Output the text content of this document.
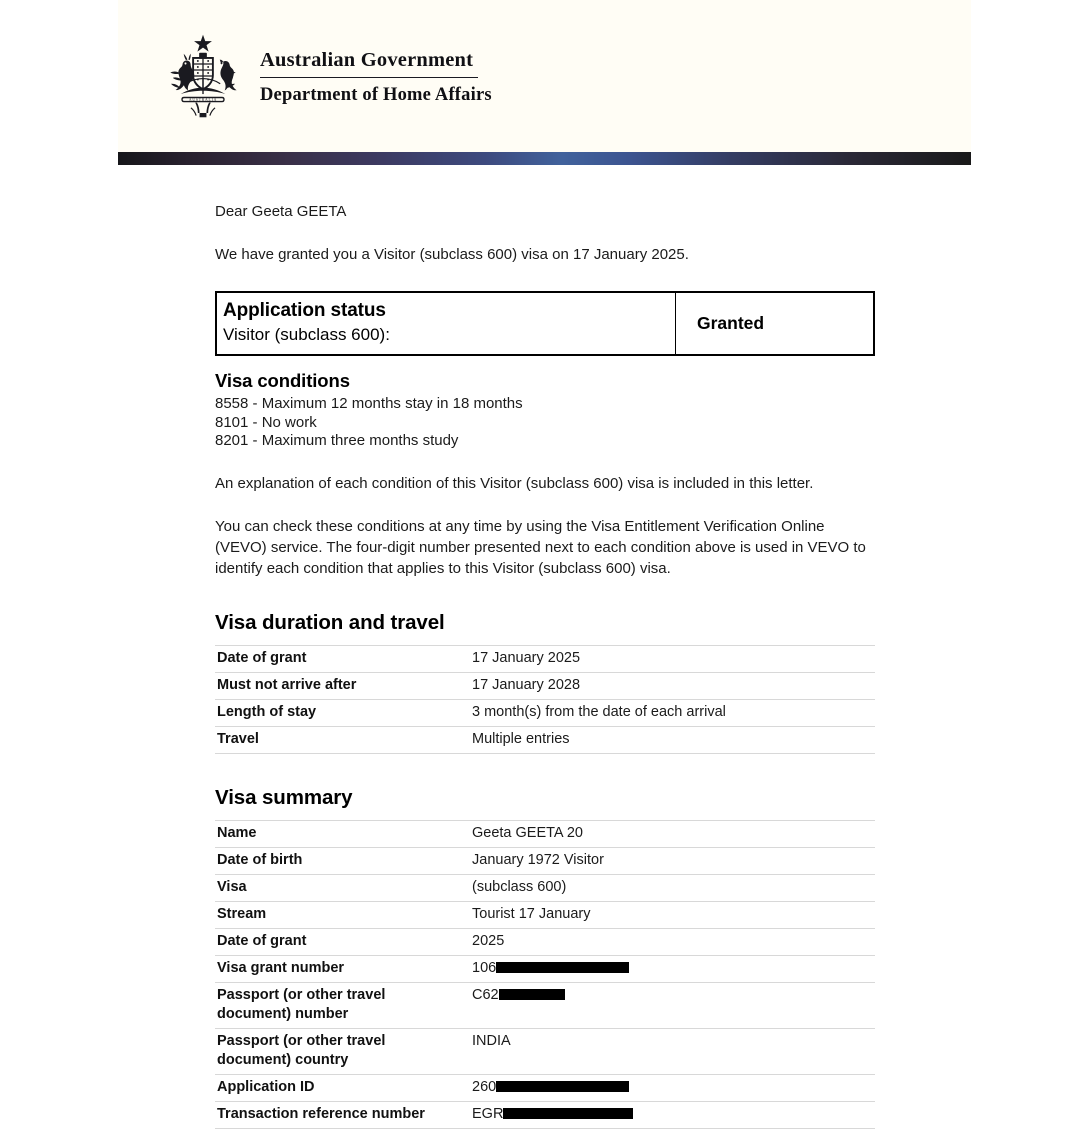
AUSTRALIA
Australian Government
Department of Home Affairs
Dear Geeta GEETA
We have granted you a Visitor (subclass 600) visa on 17 January 2025.
Application status
Visitor (subclass 600):
Granted
Visa conditions
8558 - Maximum 12 months stay in 18 months
8101 - No work
8201 - Maximum three months study
An explanation of each condition of this Visitor (subclass 600) visa is included in this letter.
You can check these conditions at any time by using the Visa Entitlement Verification Online (VEVO) service. The four-digit number presented next to each condition above is used in VEVO to identify each condition that applies to this Visitor (subclass 600) visa.
Visa duration and travel
Date of grant	17 January 2025
Must not arrive after	17 January 2028
Length of stay	3 month(s) from the date of each arrival
Travel	Multiple entries
Visa summary
Name	Geeta GEETA 20
Date of birth	January 1972 Visitor
Visa	(subclass 600)
Stream	Tourist 17 January
Date of grant	2025
Visa grant number	106

Passport (or other travel document) number	C62

Passport (or other travel document) country	INDIA
Application ID	260

Transaction reference number	EGR
